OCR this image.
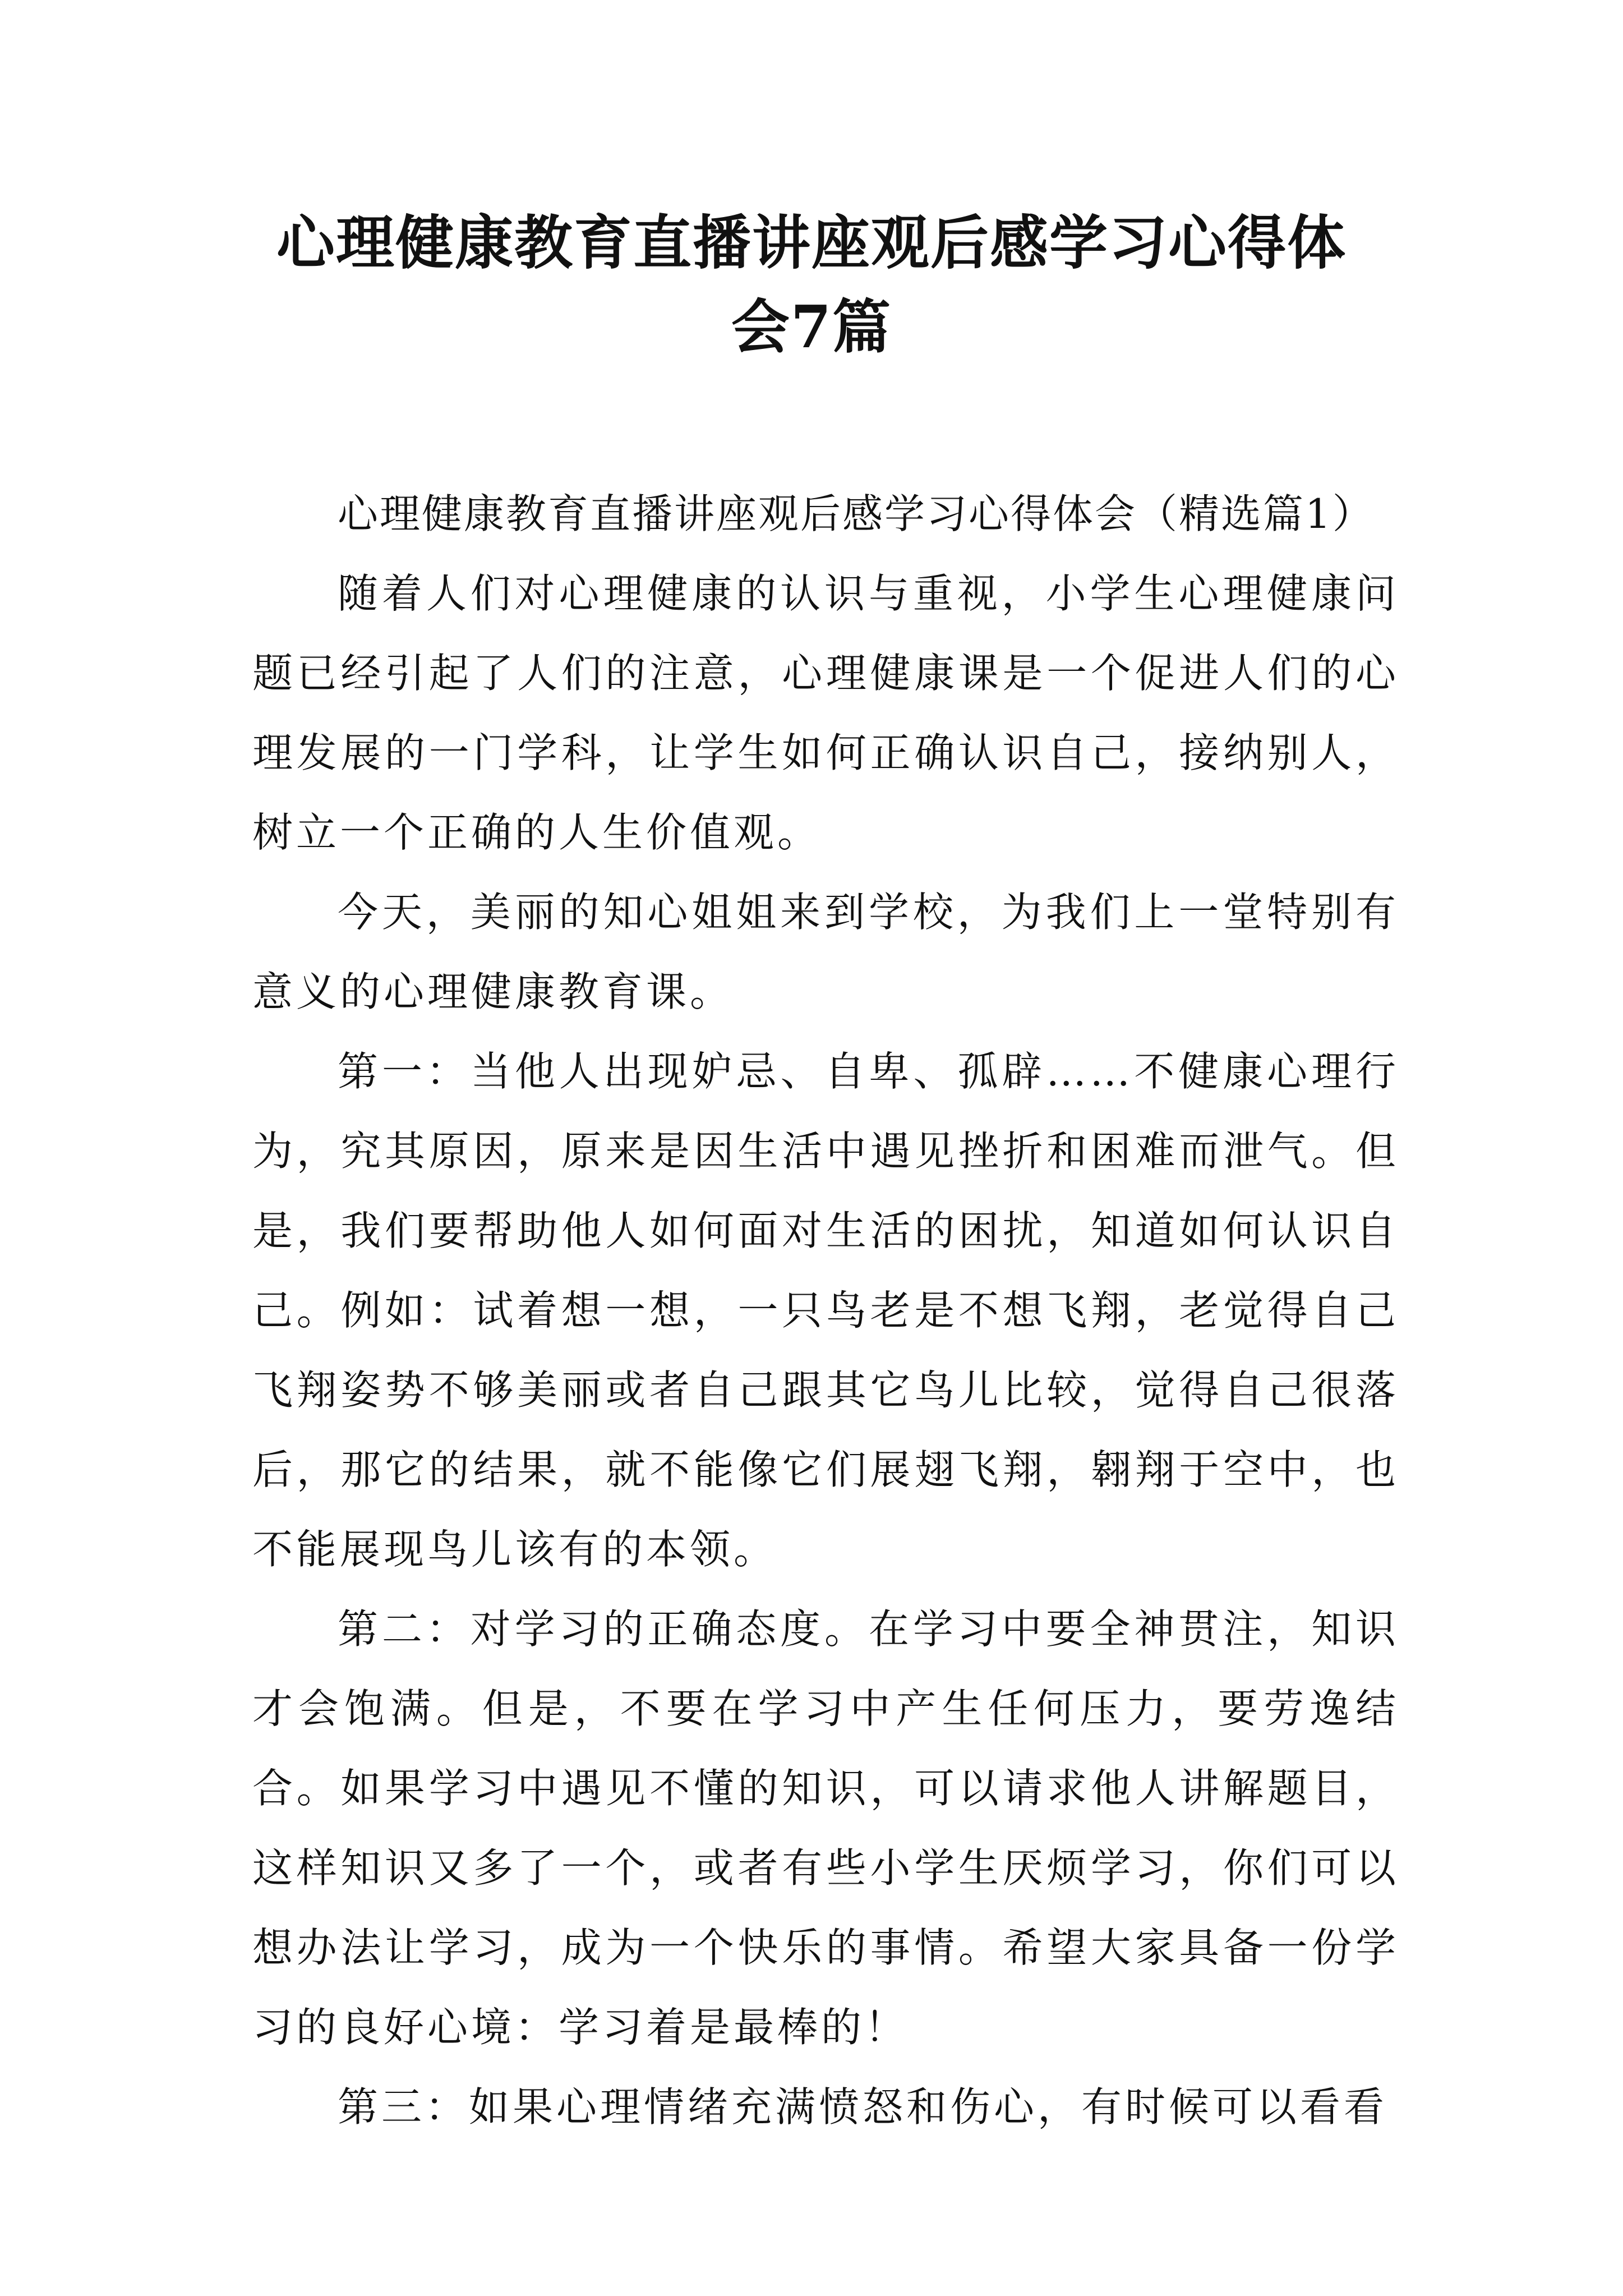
心理健康教育直播讲座观后感学习心得体
会7篇

心理健康教育直播讲座观后感学习心得体会（精选篇1）

随着人们对心理健康的认识与重视，小学生心理健康问题已经引起了人们的注意，心理健康课是一个促进人们的心理发展的一门学科，让学生如何正确认识自己，接纳别人，树立一个正确的人生价值观。

今天，美丽的知心姐姐来到学校，为我们上一堂特别有意义的心理健康教育课。

第一：当他人出现妒忌、自卑、孤辟……不健康心理行为，究其原因，原来是因生活中遇见挫折和困难而泄气。但是，我们要帮助他人如何面对生活的困扰，知道如何认识自己。例如：试着想一想，一只鸟老是不想飞翔，老觉得自己飞翔姿势不够美丽或者自己跟其它鸟儿比较，觉得自己很落后，那它的结果，就不能像它们展翅飞翔，翱翔于空中，也不能展现鸟儿该有的本领。

第二：对学习的正确态度。在学习中要全神贯注，知识才会饱满。但是，不要在学习中产生任何压力，要劳逸结合。如果学习中遇见不懂的知识，可以请求他人讲解题目，这样知识又多了一个，或者有些小学生厌烦学习，你们可以想办法让学习，成为一个快乐的事情。希望大家具备一份学习的良好心境：学习着是最棒的！

第三：如果心理情绪充满愤怒和伤心，有时候可以看看
